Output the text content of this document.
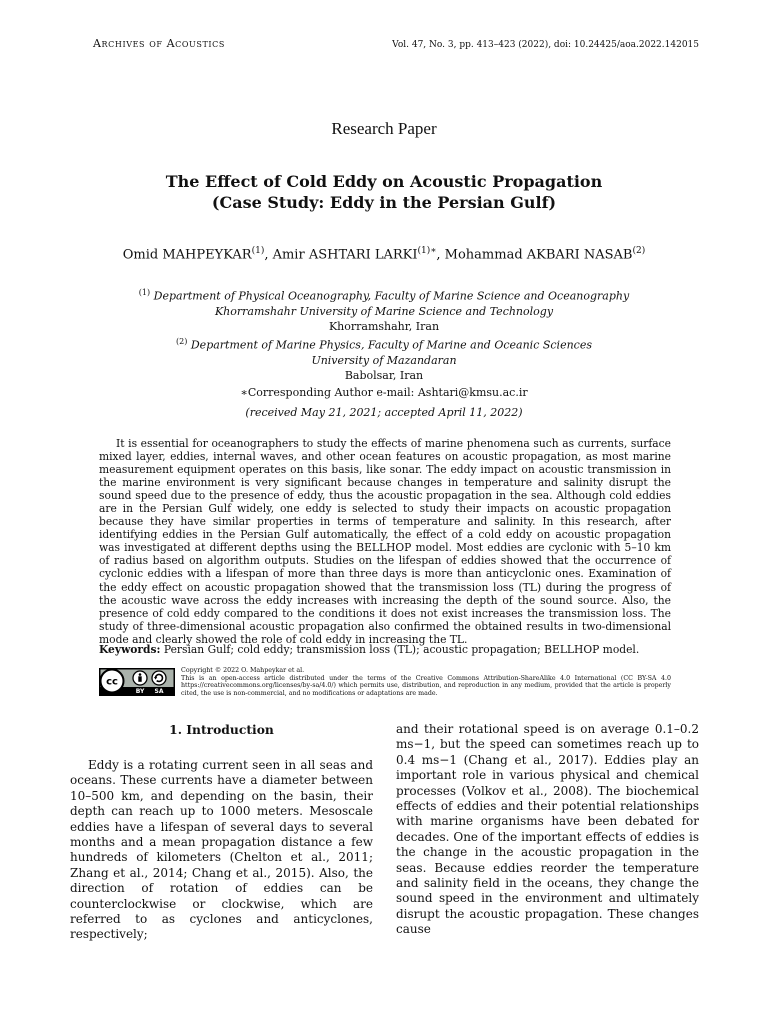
Archives of Acoustics	Vol. 47, No. 3, pp. 413–423 (2022), doi: 10.24425/aoa.2022.142015
Research Paper
The Effect of Cold Eddy on Acoustic Propagation
(Case Study: Eddy in the Persian Gulf)
Omid MAHPEYKAR$^{(1)}$, Amir ASHTARI $LARKI^{(1)∗}$, Mohammad AKBARI NASAB$^{(2)}$
$^{(1)}$ Department of Physical Oceanography, Faculty of Marine Science and Oceanography
Khorramshahr University of Marine Science and Technology
Khorramshahr, Iran
$^{(2)}$ Department of Marine Physics, Faculty of Marine and Oceanic Sciences
University of Mazandaran
Babolsar, Iran
∗Corresponding Author e-mail: Ashtari@kmsu.ac.ir
(received May 21, 2021; accepted April 11, 2022)

It is essential for oceanographers to study the effects of marine phenomena such as currents, surface mixed layer, eddies, internal waves, and other ocean features on acoustic propagation, as most marine measurement equipment operates on this basis, like sonar. The eddy impact on acoustic transmission in the marine environment is very significant because changes in temperature and salinity disrupt the sound speed due to the presence of eddy, thus the acoustic propagation in the sea. Although cold eddies are in the Persian Gulf widely, one eddy is selected to study their impacts on acoustic propagation because they have similar properties in terms of temperature and salinity. In this research, after identifying eddies in the Persian Gulf automatically, the effect of a cold eddy on acoustic propagation was investigated at different depths using the BELLHOP model. Most eddies are cyclonic with 5–10 km of radius based on algorithm outputs. Studies on the lifespan of eddies showed that the occurrence of cyclonic eddies with a lifespan of more than three days is more than anticyclonic ones. Examination of the eddy effect on acoustic propagation showed that the transmission loss (TL) during the progress of the acoustic wave across the eddy increases with increasing the depth of the sound source. Also, the presence of cold eddy compared to the conditions it does not exist increases the transmission loss. The study of three-dimensional acoustic propagation also confirmed the obtained results in two-dimensional mode and clearly showed the role of cold eddy in increasing the TL.

Keywords: Persian Gulf; cold eddy; transmission loss (TL); acoustic propagation; BELLHOP model.
cc
BY SA
Copyright © 2022 O. Mahpeykar et al.
This is an open-access article distributed under the terms of the Creative Commons Attribution-ShareAlike 4.0 International (CC BY-SA 4.0 https://creativecommons.org/licenses/by-sa/4.0/) which permits use, distribution, and reproduction in any medium, provided that the article is properly cited, the use is non-commercial, and no modifications or adaptations are made.
1. Introduction

Eddy is a rotating current seen in all seas and oceans. These currents have a diameter between 10–500 km, and depending on the basin, their depth can reach up to 1000 meters. Mesoscale eddies have a lifespan of several days to several months and a mean propagation distance a few hundreds of kilometers (Chelton et al., 2011; Zhang et al., 2014; Chang et al., 2015). Also, the direction of rotation of eddies can be counterclockwise or clockwise, which are referred to as cyclones and anticyclones, respectively;

and their rotational speed is on average 0.1–0.2 ms−1, but the speed can sometimes reach up to 0.4 ms−1 (Chang et al., 2017). Eddies play an important role in various physical and chemical processes (Volkov et al., 2008). The biochemical effects of eddies and their potential relationships with marine organisms have been debated for decades. One of the important effects of eddies is the change in the acoustic propagation in the seas. Because eddies reorder the temperature and salinity field in the oceans, they change the sound speed in the environment and ultimately disrupt the acoustic propagation. These changes cause
